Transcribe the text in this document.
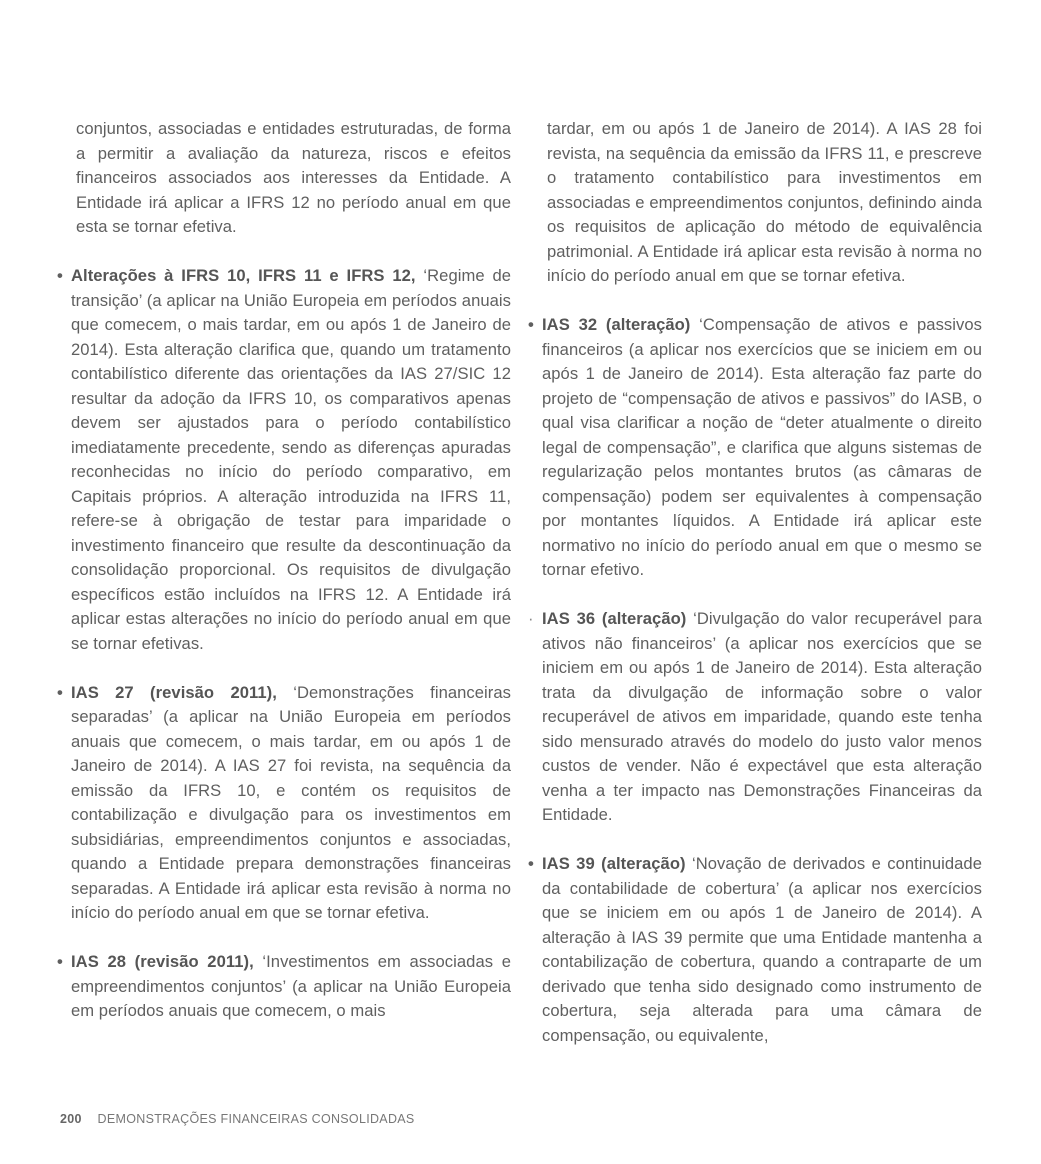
conjuntos, associadas e entidades estruturadas, de forma a permitir a avaliação da natureza, riscos e efeitos financeiros associados aos interesses da Entidade. A Entidade irá aplicar a IFRS 12 no período anual em que esta se tornar efetiva.

• Alterações à IFRS 10, IFRS 11 e IFRS 12, ‘Regime de transição’ (a aplicar na União Europeia em períodos anuais que comecem, o mais tardar, em ou após 1 de Janeiro de 2014). Esta alteração clarifica que, quando um tratamento contabilístico diferente das orientações da IAS 27/SIC 12 resultar da adoção da IFRS 10, os comparativos apenas devem ser ajustados para o período contabilístico imediatamente precedente, sendo as diferenças apuradas reconhecidas no início do período comparativo, em Capitais próprios. A alteração introduzida na IFRS 11, refere-se à obrigação de testar para imparidade o investimento financeiro que resulte da descontinuação da consolidação proporcional. Os requisitos de divulgação específicos estão incluídos na IFRS 12. A Entidade irá aplicar estas alterações no início do período anual em que se tornar efetivas.
• IAS 27 (revisão 2011), ‘Demonstrações financeiras separadas’ (a aplicar na União Europeia em períodos anuais que comecem, o mais tardar, em ou após 1 de Janeiro de 2014). A IAS 27 foi revista, na sequência da emissão da IFRS 10, e contém os requisitos de contabilização e divulgação para os investimentos em subsidiárias, empreendimentos conjuntos e associadas, quando a Entidade prepara demonstrações financeiras separadas. A Entidade irá aplicar esta revisão à norma no início do período anual em que se tornar efetiva.
• IAS 28 (revisão 2011), ‘Investimentos em associadas e empreendimentos conjuntos’ (a aplicar na União Europeia em períodos anuais que comecem, o mais

tardar, em ou após 1 de Janeiro de 2014). A IAS 28 foi revista, na sequência da emissão da IFRS 11, e prescreve o tratamento contabilístico para investimentos em associadas e empreendimentos conjuntos, definindo ainda os requisitos de aplicação do método de equivalência patrimonial. A Entidade irá aplicar esta revisão à norma no início do período anual em que se tornar efetiva.

• IAS 32 (alteração) ‘Compensação de ativos e passivos financeiros (a aplicar nos exercícios que se iniciem em ou após 1 de Janeiro de 2014). Esta alteração faz parte do projeto de “compensação de ativos e passivos” do IASB, o qual visa clarificar a noção de “deter atualmente o direito legal de compensação”, e clarifica que alguns sistemas de regularização pelos montantes brutos (as câmaras de compensação) podem ser equivalentes à compensação por montantes líquidos. A Entidade irá aplicar este normativo no início do período anual em que o mesmo se tornar efetivo.
· IAS 36 (alteração) ‘Divulgação do valor recuperável para ativos não financeiros’ (a aplicar nos exercícios que se iniciem em ou após 1 de Janeiro de 2014). Esta alteração trata da divulgação de informação sobre o valor recuperável de ativos em imparidade, quando este tenha sido mensurado através do modelo do justo valor menos custos de vender. Não é expectável que esta alteração venha a ter impacto nas Demonstrações Financeiras da Entidade.
• IAS 39 (alteração) ‘Novação de derivados e continuidade da contabilidade de cobertura’ (a aplicar nos exercícios que se iniciem em ou após 1 de Janeiro de 2014). A alteração à IAS 39 permite que uma Entidade mantenha a contabilização de cobertura, quando a contraparte de um derivado que tenha sido designado como instrumento de cobertura, seja alterada para uma câmara de compensação, ou equivalente,
200 DEMONSTRAÇÕES FINANCEIRAS CONSOLIDADAS
